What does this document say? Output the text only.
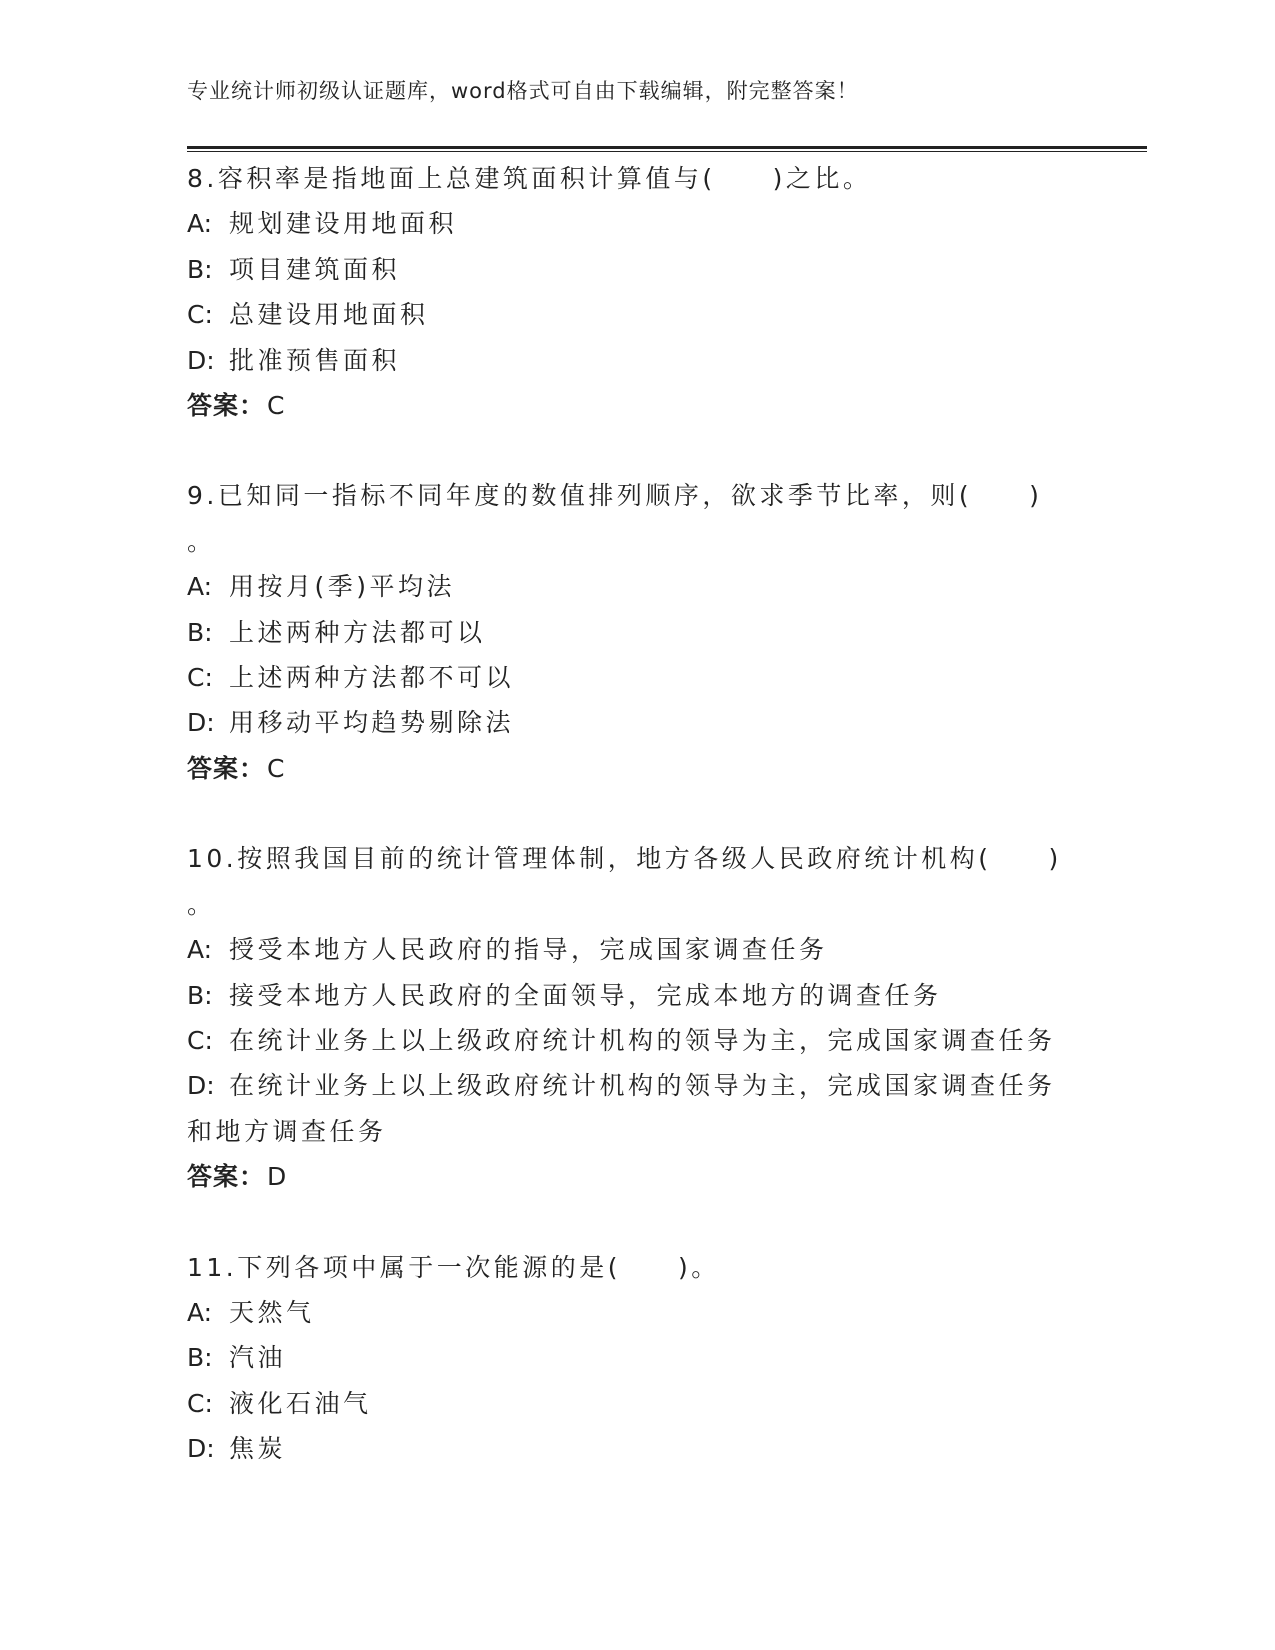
专业统计师初级认证题库，word格式可自由下载编辑，附完整答案！
8.容积率是指地面上总建筑面积计算值与(　　)之比。
A: 规划建设用地面积
B: 项目建筑面积
C: 总建设用地面积
D: 批准预售面积
答案：C
9.已知同一指标不同年度的数值排列顺序，欲求季节比率，则(　　)
。
A: 用按月(季)平均法
B: 上述两种方法都可以
C: 上述两种方法都不可以
D: 用移动平均趋势剔除法
答案：C
10.按照我国目前的统计管理体制，地方各级人民政府统计机构(　　)
。
A: 授受本地方人民政府的指导，完成国家调查任务
B: 接受本地方人民政府的全面领导，完成本地方的调查任务
C: 在统计业务上以上级政府统计机构的领导为主，完成国家调查任务
D: 在统计业务上以上级政府统计机构的领导为主，完成国家调查任务
和地方调查任务
答案：D
11.下列各项中属于一次能源的是(　　)。
A: 天然气
B: 汽油
C: 液化石油气
D: 焦炭
